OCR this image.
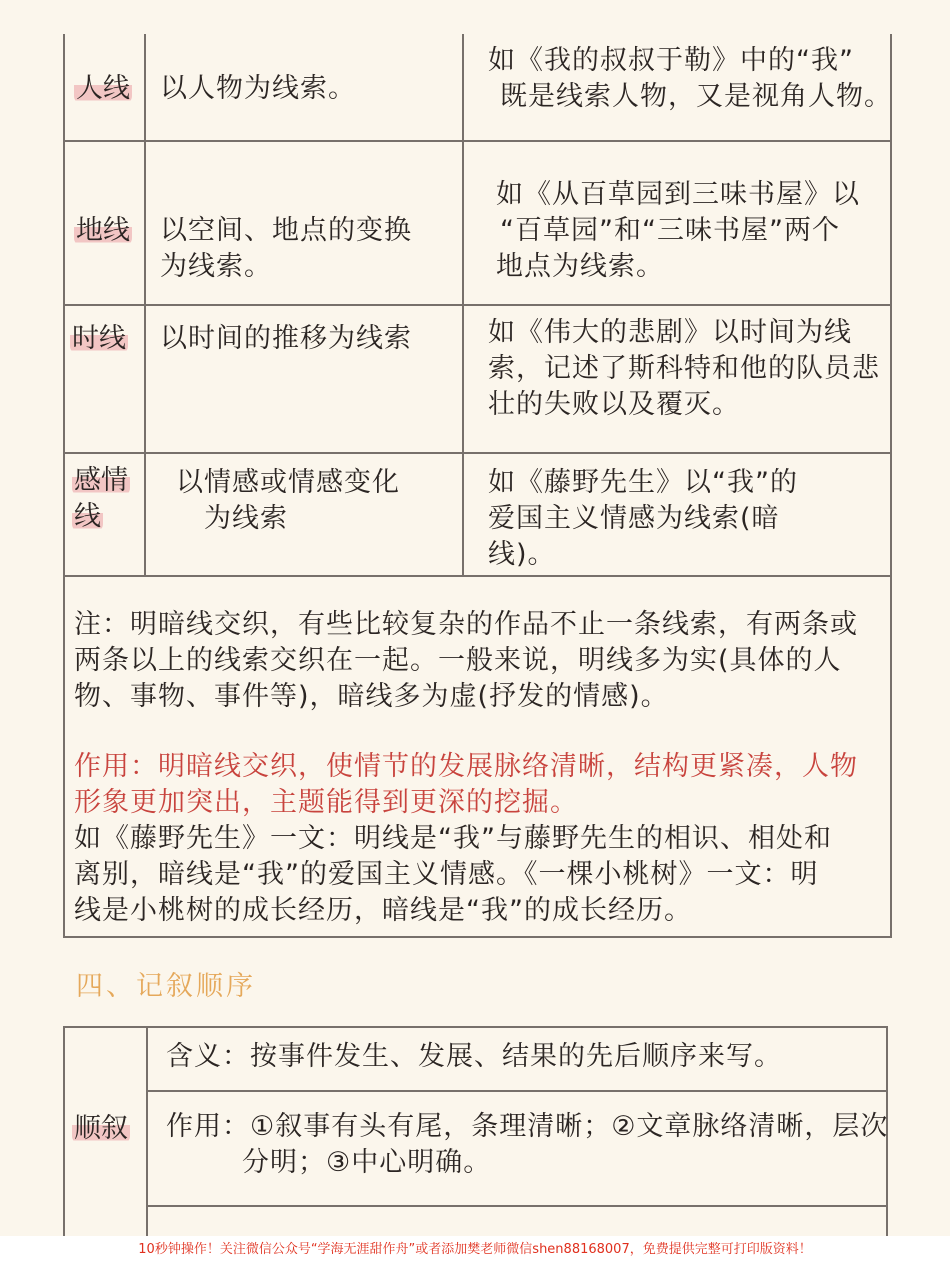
人线 以人物为线索。
如《我的叔叔于勒》中的“我”
既是线索人物，又是视角人物。
地线 以空间、地点的变换
为线索。
如《从百草园到三味书屋》以
“百草园”和“三味书屋”两个
地点为线索。
时线 以时间的推移为线索	如《伟大的悲剧》以时间为线
索，记述了斯科特和他的队员悲
壮的失败以及覆灭。
感情
线
以情感或情感变化
为线索
如《藤野先生》以“我”的
爱国主义情感为线索(暗
线)。
注：明暗线交织，有些比较复杂的作品不止一条线索，有两条或
两条以上的线索交织在一起。一般来说，明线多为实(具体的人
物、事物、事件等)，暗线多为虚(抒发的情感)。
作用：明暗线交织，使情节的发展脉络清晰，结构更紧凑，人物
形象更加突出，主题能得到更深的挖掘。
如《藤野先生》一文：明线是“我”与藤野先生的相识、相处和
离别，暗线是“我”的爱国主义情感。《一棵小桃树》一文：明
线是小桃树的成长经历，暗线是“我”的成长经历。
四、记叙顺序
顺叙
含义：按事件发生、发展、结果的先后顺序来写。
作用：①叙事有头有尾，条理清晰；②文章脉络清晰，层次
分明；③中心明确。
10秒钟操作！关注微信公众号“学海无涯甜作舟”或者添加樊老师微信shen88168007，免费提供完整可打印版资料！
